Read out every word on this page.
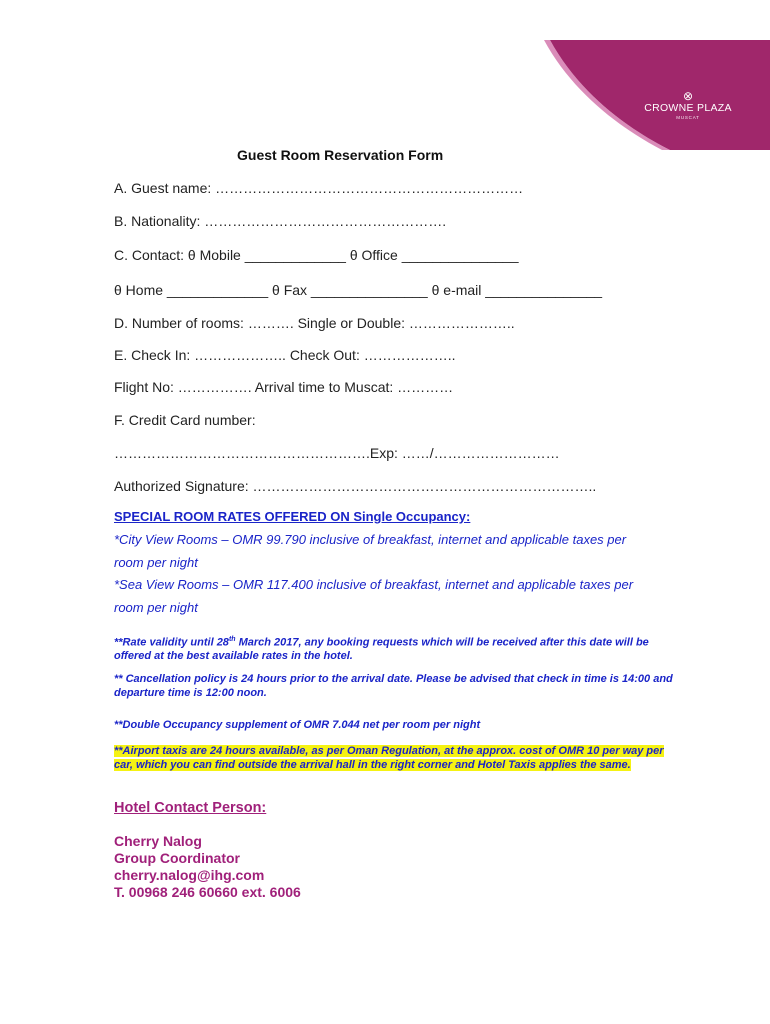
⊗
CROWNE PLAZA
MUSCAT
Guest Room Reservation Form
A. Guest name: …………………………………………………………
B. Nationality: …………………………………………….
C. Contact: θ Mobile _____________ θ Office _______________
θ Home _____________ θ Fax _______________ θ e-mail _______________
D. Number of rooms: ………. Single or Double: …………………..
E. Check In: ……………….. Check Out: ………………..
Flight No: ……………. Arrival time to Muscat: …………
F. Credit Card number:
……………………………………………….Exp: ……/………………………
Authorized Signature: ………………………………………………………………..
SPECIAL ROOM RATES OFFERED ON Single Occupancy:
*City View Rooms – OMR 99.790 inclusive of breakfast, internet and applicable taxes per
room per night
*Sea View Rooms – OMR 117.400 inclusive of breakfast, internet and applicable taxes per
room per night
**Rate validity until 28th March 2017, any booking requests which will be received after this date will be offered at the best available rates in the hotel.
** Cancellation policy is 24 hours prior to the arrival date. Please be advised that check in time is 14:00 and departure time is 12:00 noon.
**Double Occupancy supplement of OMR 7.044 net per room per night
**Airport taxis are 24 hours available, as per Oman Regulation, at the approx. cost of OMR 10 per way per car, which you can find outside the arrival hall in the right corner and Hotel Taxis applies the same.
Hotel Contact Person:
Cherry Nalog
Group Coordinator
cherry.nalog@ihg.com
T. 00968 246 60660 ext. 6006
